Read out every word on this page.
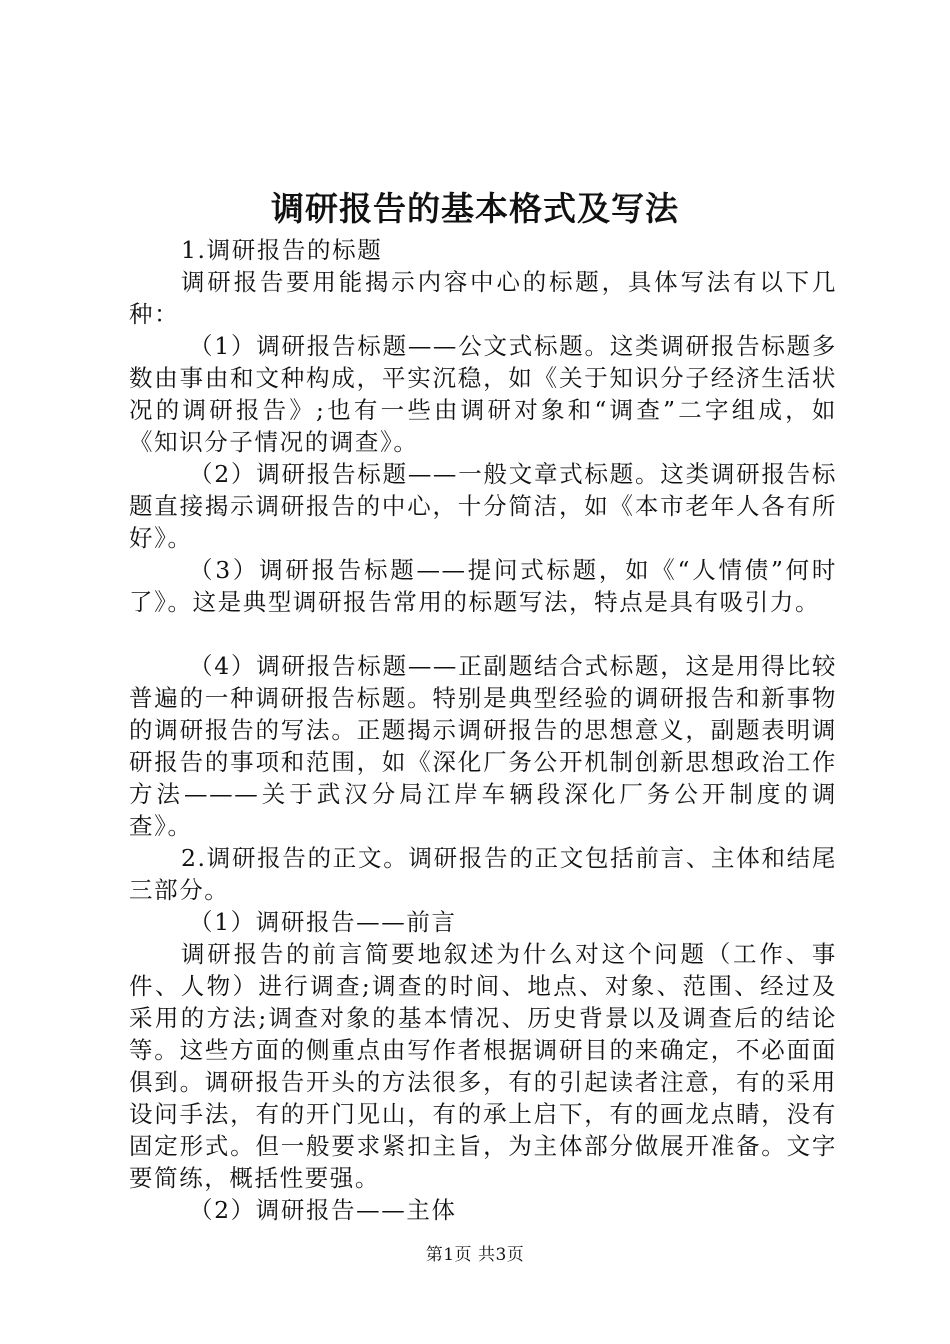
调研报告的基本格式及写法

1.调研报告的标题

调研报告要用能揭示内容中心的标题，具体写法有以下几种：

（1）调研报告标题——公文式标题。这类调研报告标题多数由事由和文种构成，平实沉稳，如《关于知识分子经济生活状况的调研报告》;也有一些由调研对象和“调查”二字组成，如《知识分子情况的调查》。

（2）调研报告标题——一般文章式标题。这类调研报告标题直接揭示调研报告的中心，十分简洁，如《本市老年人各有所好》。

（3）调研报告标题——提问式标题，如《“人情债”何时了》。这是典型调研报告常用的标题写法，特点是具有吸引力。

（4）调研报告标题——正副题结合式标题，这是用得比较普遍的一种调研报告标题。特别是典型经验的调研报告和新事物的调研报告的写法。正题揭示调研报告的思想意义，副题表明调研报告的事项和范围，如《深化厂务公开机制创新思想政治工作方法———关于武汉分局江岸车辆段深化厂务公开制度的调查》。

2.调研报告的正文。调研报告的正文包括前言、主体和结尾三部分。

（1）调研报告——前言

调研报告的前言简要地叙述为什么对这个问题（工作、事件、人物）进行调查;调查的时间、地点、对象、范围、经过及采用的方法;调查对象的基本情况、历史背景以及调查后的结论等。这些方面的侧重点由写作者根据调研目的来确定，不必面面俱到。调研报告开头的方法很多，有的引起读者注意，有的采用设问手法，有的开门见山，有的承上启下，有的画龙点睛，没有固定形式。但一般要求紧扣主旨，为主体部分做展开准备。文字要简练，概括性要强。

（2）调研报告——主体

第1页 共3页
